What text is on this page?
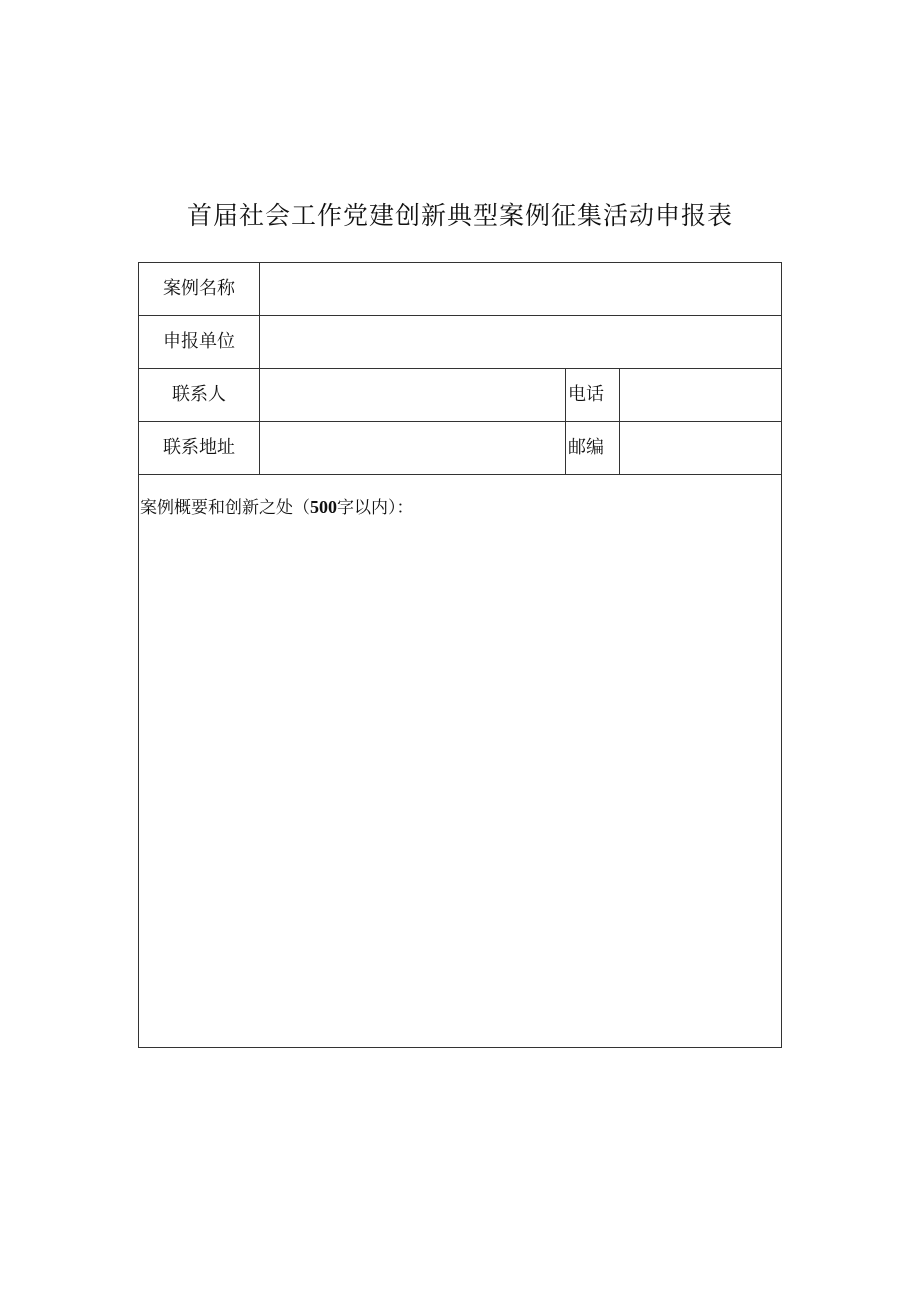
首届社会工作党建创新典型案例征集活动申报表
案例名称			
申报单位			
联系人		电话	
联系地址		邮编	
案例概要和创新之处（500字以内）：			
